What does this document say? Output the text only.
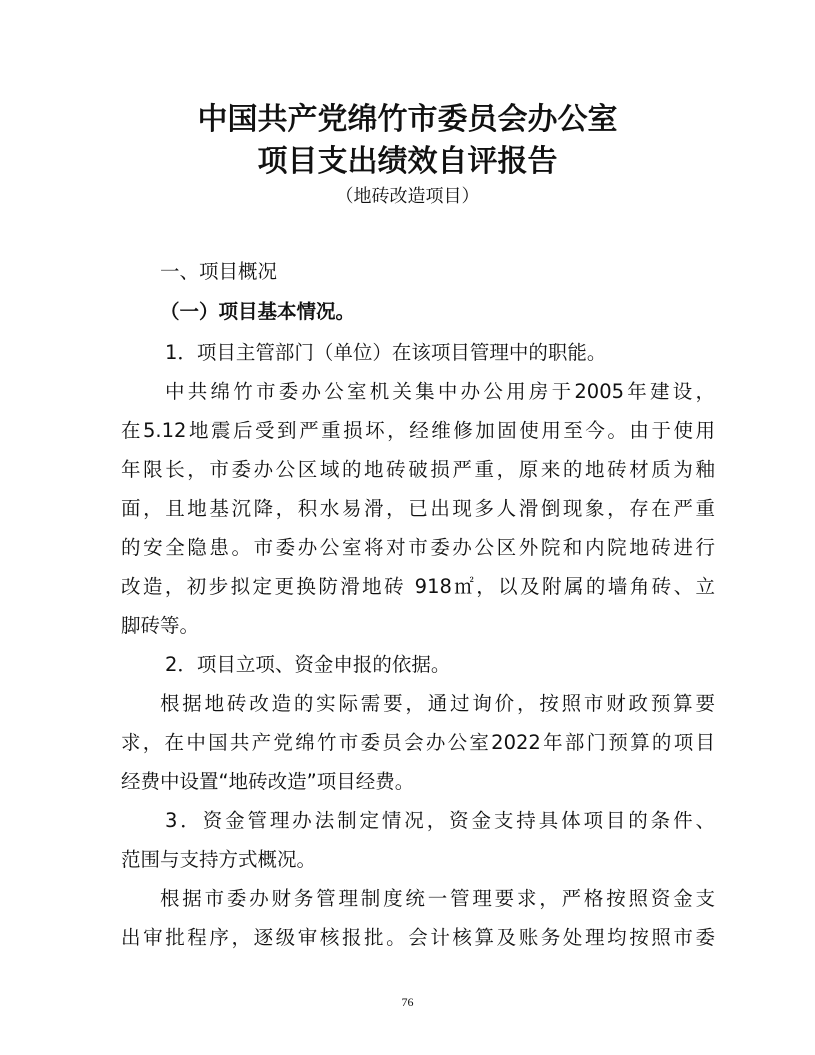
中国共产党绵竹市委员会办公室
项目支出绩效自评报告
（地砖改造项目）
一、项目概况
（一）项目基本情况。
1．项目主管部门（单位）在该项目管理中的职能。
中共绵竹市委办公室机关集中办公用房于2005年建设，
在5.12地震后受到严重损坏，经维修加固使用至今。由于使用
年限长，市委办公区域的地砖破损严重，原来的地砖材质为釉
面，且地基沉降，积水易滑，已出现多人滑倒现象，存在严重
的安全隐患。市委办公室将对市委办公区外院和内院地砖进行
改造，初步拟定更换防滑地砖 918㎡，以及附属的墙角砖、立
脚砖等。
2．项目立项、资金申报的依据。
根据地砖改造的实际需要，通过询价，按照市财政预算要
求，在中国共产党绵竹市委员会办公室2022年部门预算的项目
经费中设置“地砖改造”项目经费。
3．资金管理办法制定情况，资金支持具体项目的条件、
范围与支持方式概况。
根据市委办财务管理制度统一管理要求，严格按照资金支
出审批程序，逐级审核报批。会计核算及账务处理均按照市委
76
